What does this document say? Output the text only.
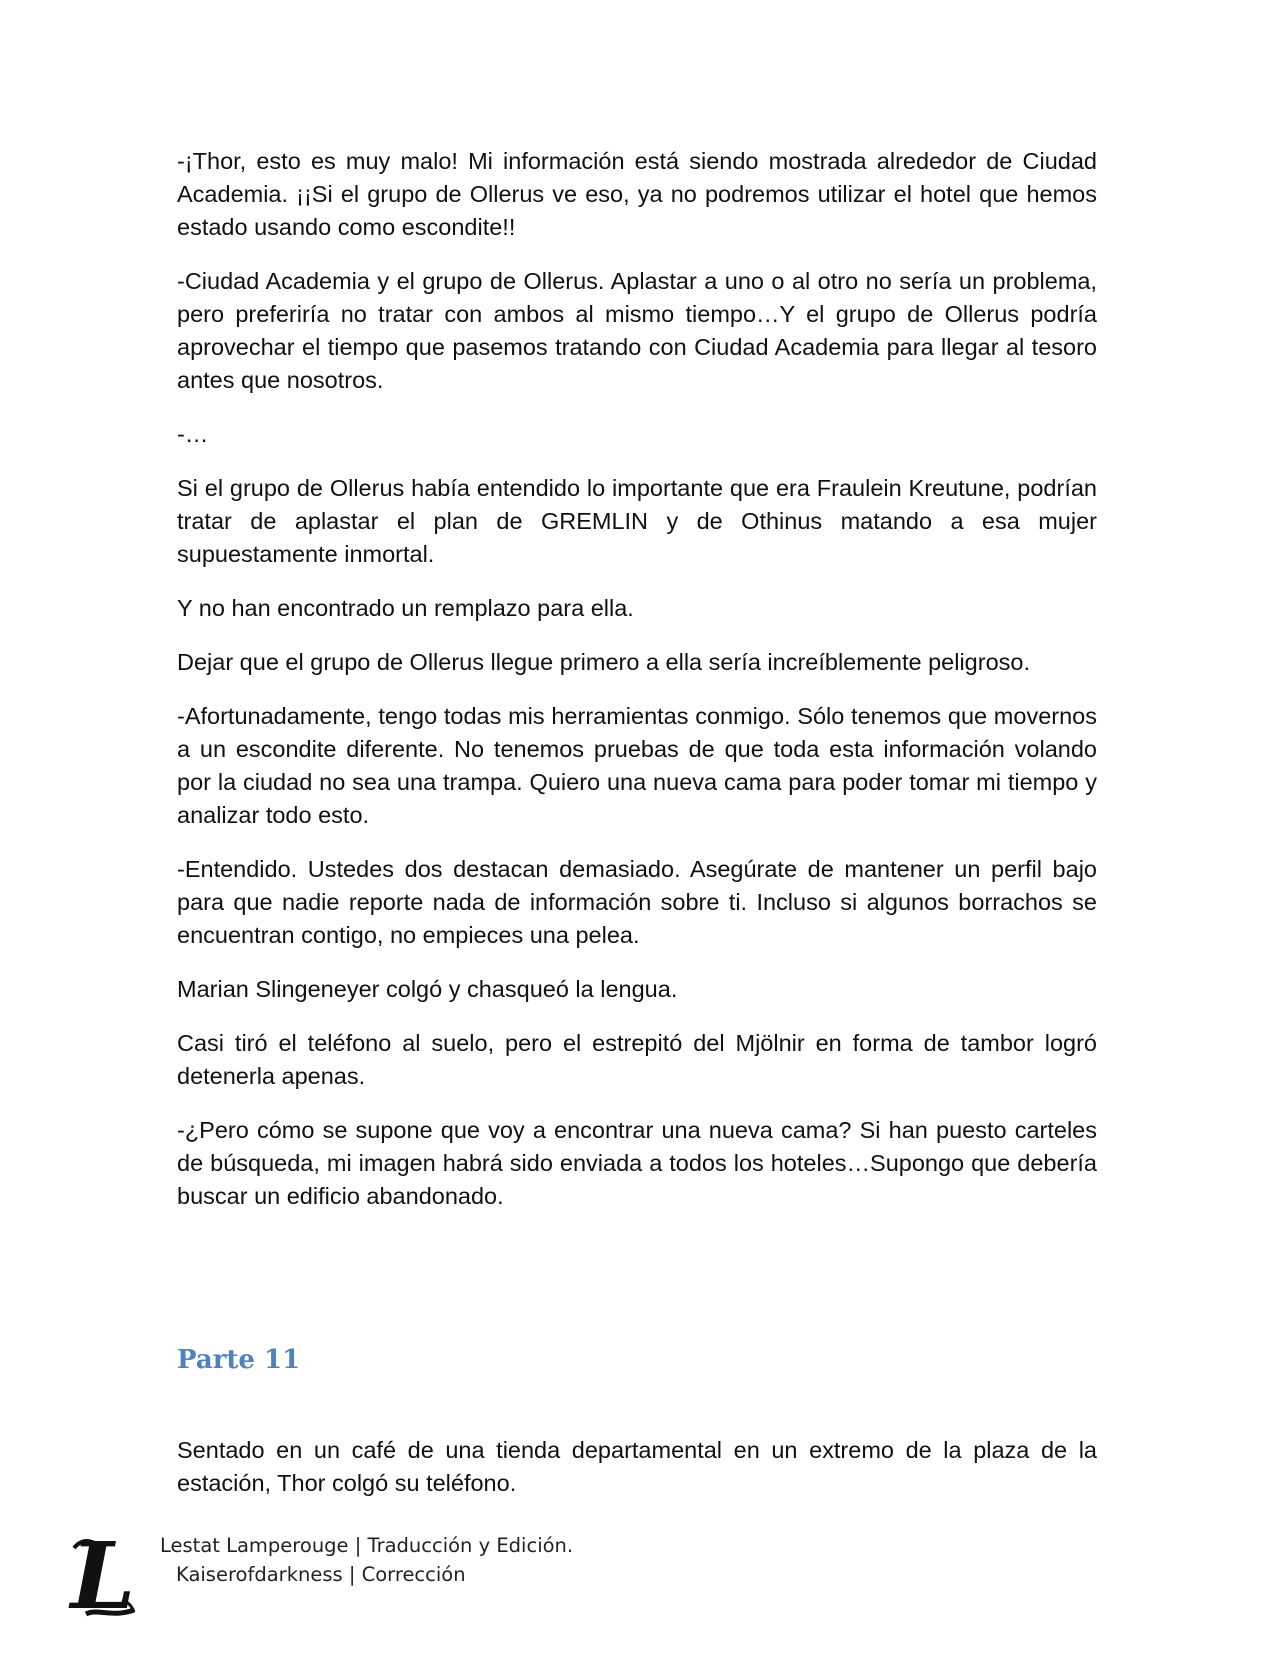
-¡Thor, esto es muy malo! Mi información está siendo mostrada alrededor de Ciudad Academia. ¡¡Si el grupo de Ollerus ve eso, ya no podremos utilizar el hotel que hemos estado usando como escondite!!

-Ciudad Academia y el grupo de Ollerus. Aplastar a uno o al otro no sería un problema, pero preferiría no tratar con ambos al mismo tiempo…Y el grupo de Ollerus podría aprovechar el tiempo que pasemos tratando con Ciudad Academia para llegar al tesoro antes que nosotros.

-…

Si el grupo de Ollerus había entendido lo importante que era Fraulein Kreutune, podrían tratar de aplastar el plan de GREMLIN y de Othinus matando a esa mujer supuestamente inmortal.

Y no han encontrado un remplazo para ella.

Dejar que el grupo de Ollerus llegue primero a ella sería increíblemente peligroso.

-Afortunadamente, tengo todas mis herramientas conmigo. Sólo tenemos que movernos a un escondite diferente. No tenemos pruebas de que toda esta información volando por la ciudad no sea una trampa. Quiero una nueva cama para poder tomar mi tiempo y analizar todo esto.

-Entendido. Ustedes dos destacan demasiado. Asegúrate de mantener un perfil bajo para que nadie reporte nada de información sobre ti. Incluso si algunos borrachos se encuentran contigo, no empieces una pelea.

Marian Slingeneyer colgó y chasqueó la lengua.

Casi tiró el teléfono al suelo, pero el estrepitó del Mjölnir en forma de tambor logró detenerla apenas.

-¿Pero cómo se supone que voy a encontrar una nueva cama? Si han puesto carteles de búsqueda, mi imagen habrá sido enviada a todos los hoteles…Supongo que debería buscar un edificio abandonado.

Parte 11

Sentado en un café de una tienda departamental en un extremo de la plaza de la estación, Thor colgó su teléfono.

L Lestat Lamperouge | Traducción y Edición.
Kaiserofdarkness | Corrección
